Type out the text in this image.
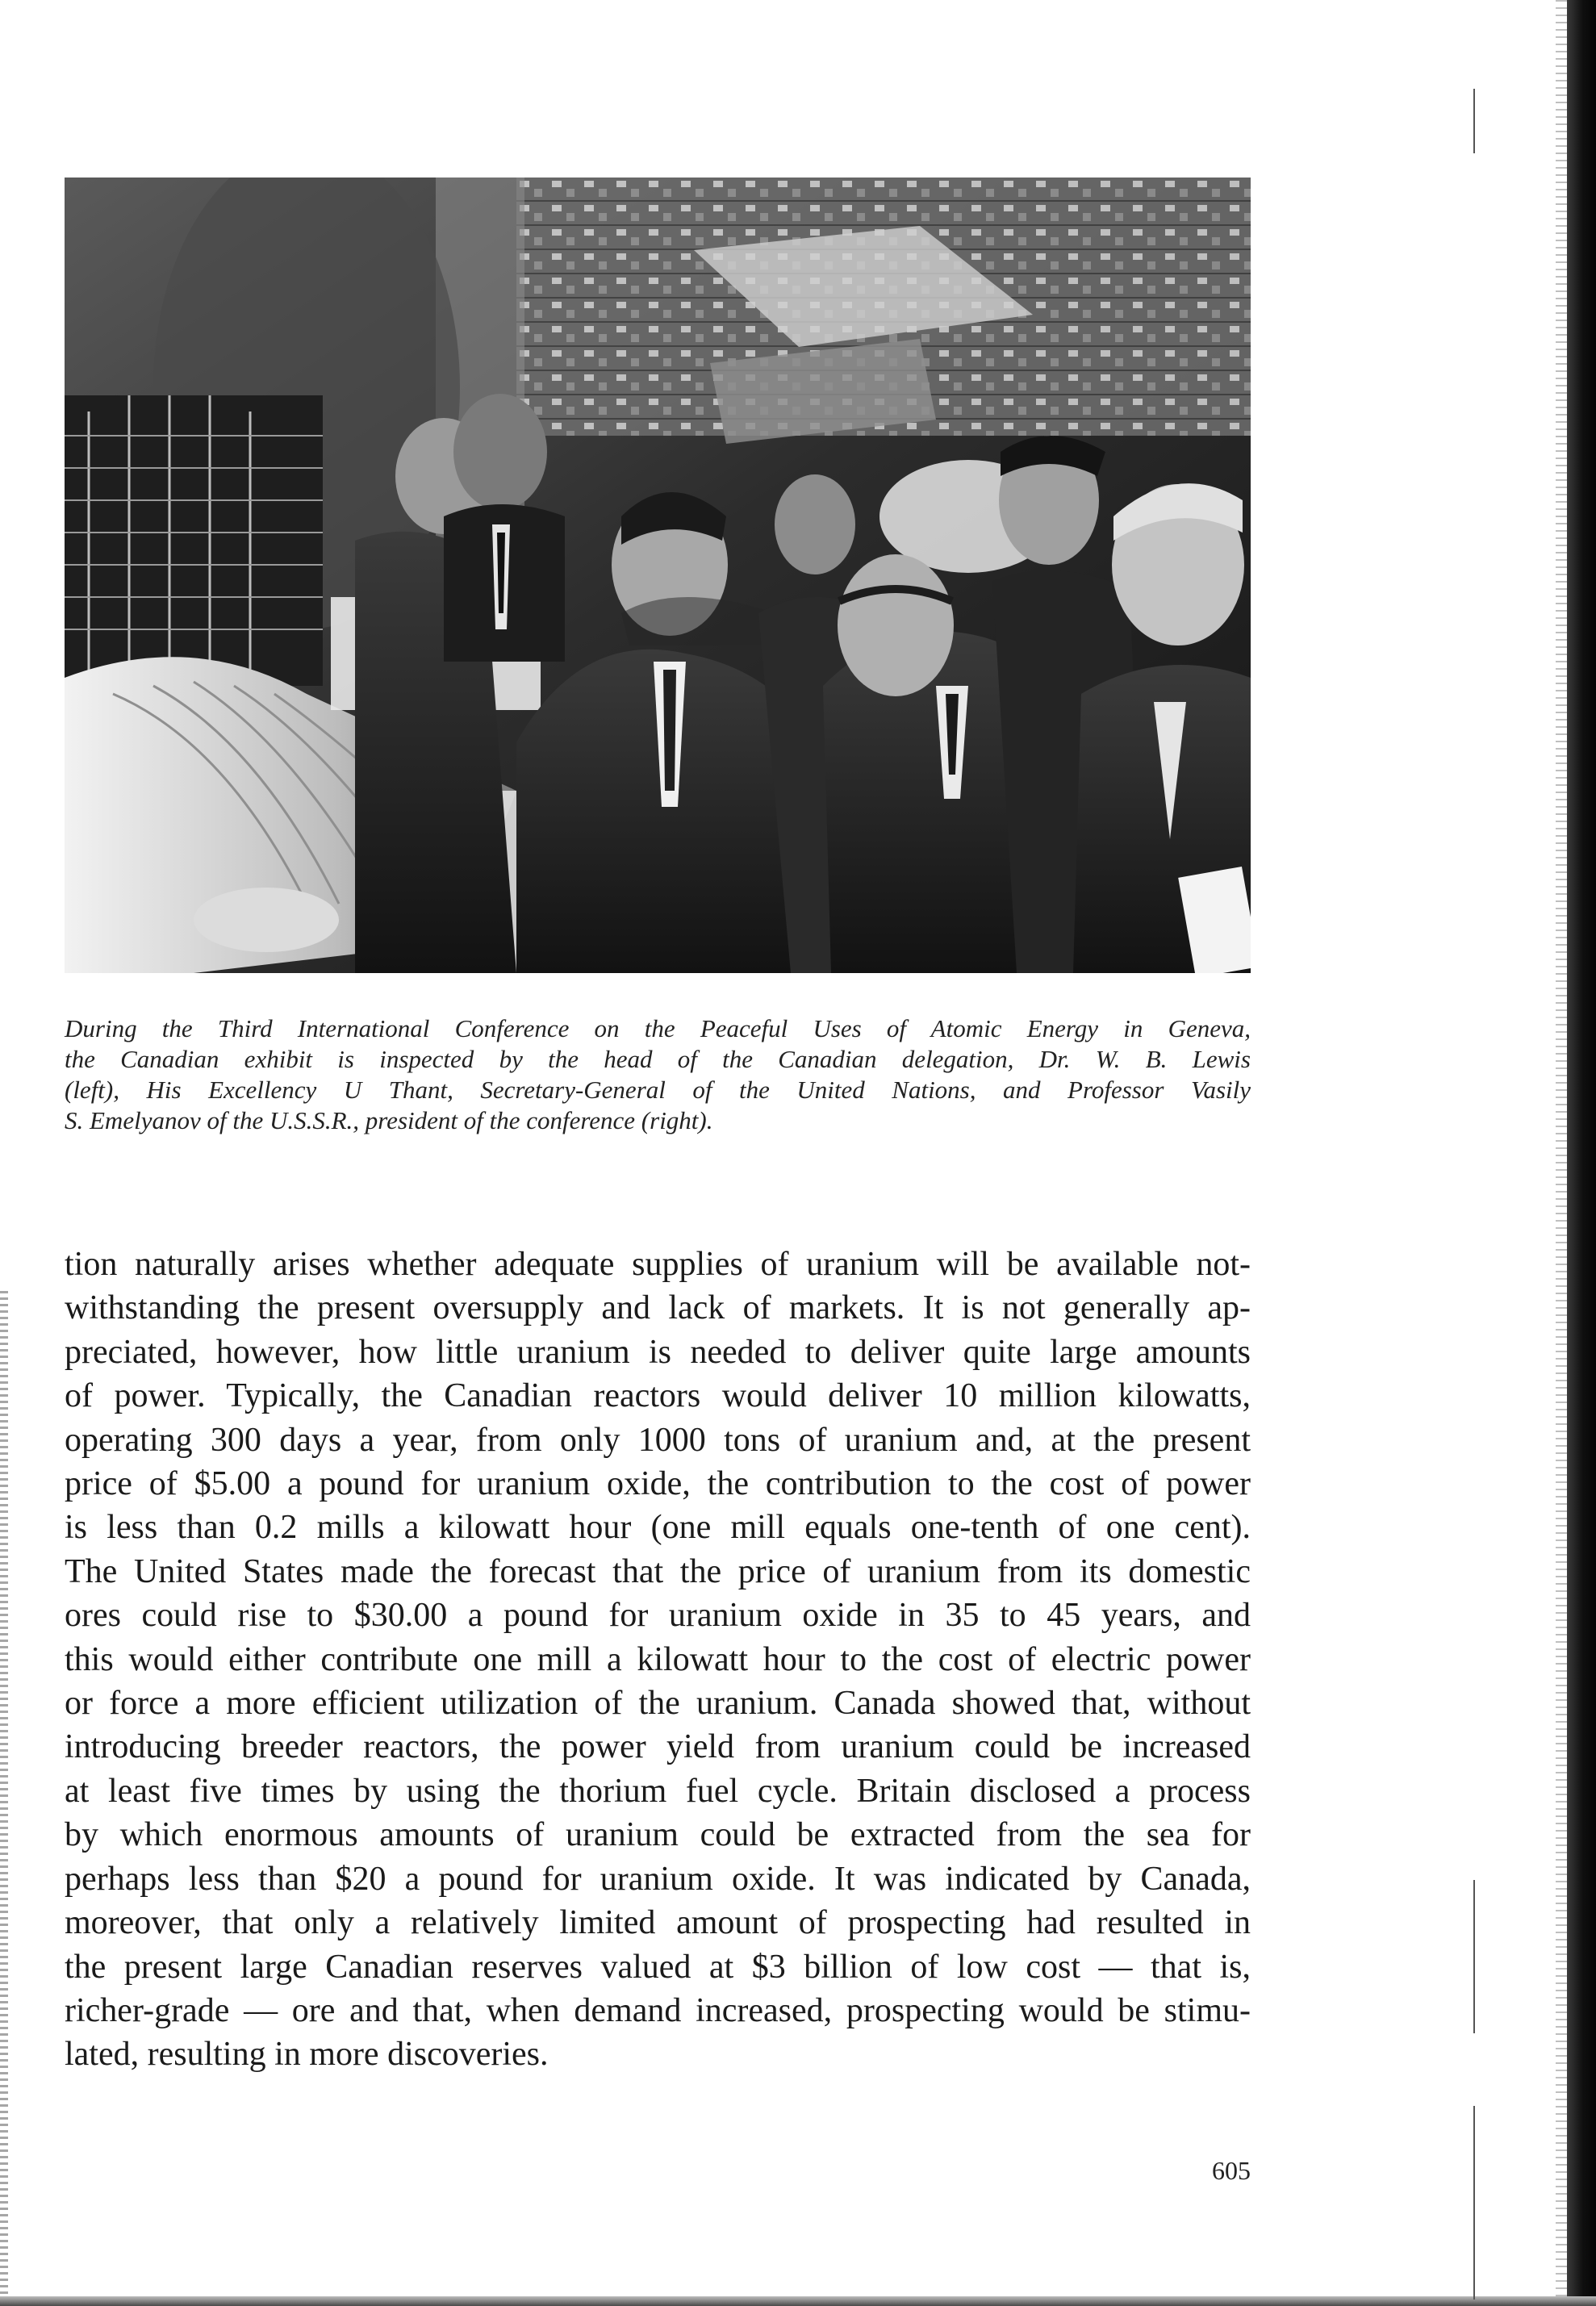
During the Third International Conference on the Peaceful Uses of Atomic Energy in Geneva,
the Canadian exhibit is inspected by the head of the Canadian delegation, Dr. W. B. Lewis
(left), His Excellency U Thant, Secretary-General of the United Nations, and Professor Vasily
S. Emelyanov of the U.S.S.R., president of the conference (right).
tion naturally arises whether adequate supplies of uranium will be available not-
withstanding the present oversupply and lack of markets. It is not generally ap-
preciated, however, how little uranium is needed to deliver quite large amounts
of power. Typically, the Canadian reactors would deliver 10 million kilowatts,
operating 300 days a year, from only 1000 tons of uranium and, at the present
price of $5.00 a pound for uranium oxide, the contribution to the cost of power
is less than 0.2 mills a kilowatt hour (one mill equals one-tenth of one cent).
The United States made the forecast that the price of uranium from its domestic
ores could rise to $30.00 a pound for uranium oxide in 35 to 45 years, and
this would either contribute one mill a kilowatt hour to the cost of electric power
or force a more efficient utilization of the uranium. Canada showed that, without
introducing breeder reactors, the power yield from uranium could be increased
at least five times by using the thorium fuel cycle. Britain disclosed a process
by which enormous amounts of uranium could be extracted from the sea for
perhaps less than $20 a pound for uranium oxide. It was indicated by Canada,
moreover, that only a relatively limited amount of prospecting had resulted in
the present large Canadian reserves valued at $3 billion of low cost — that is,
richer-grade — ore and that, when demand increased, prospecting would be stimu-
lated, resulting in more discoveries.
605
